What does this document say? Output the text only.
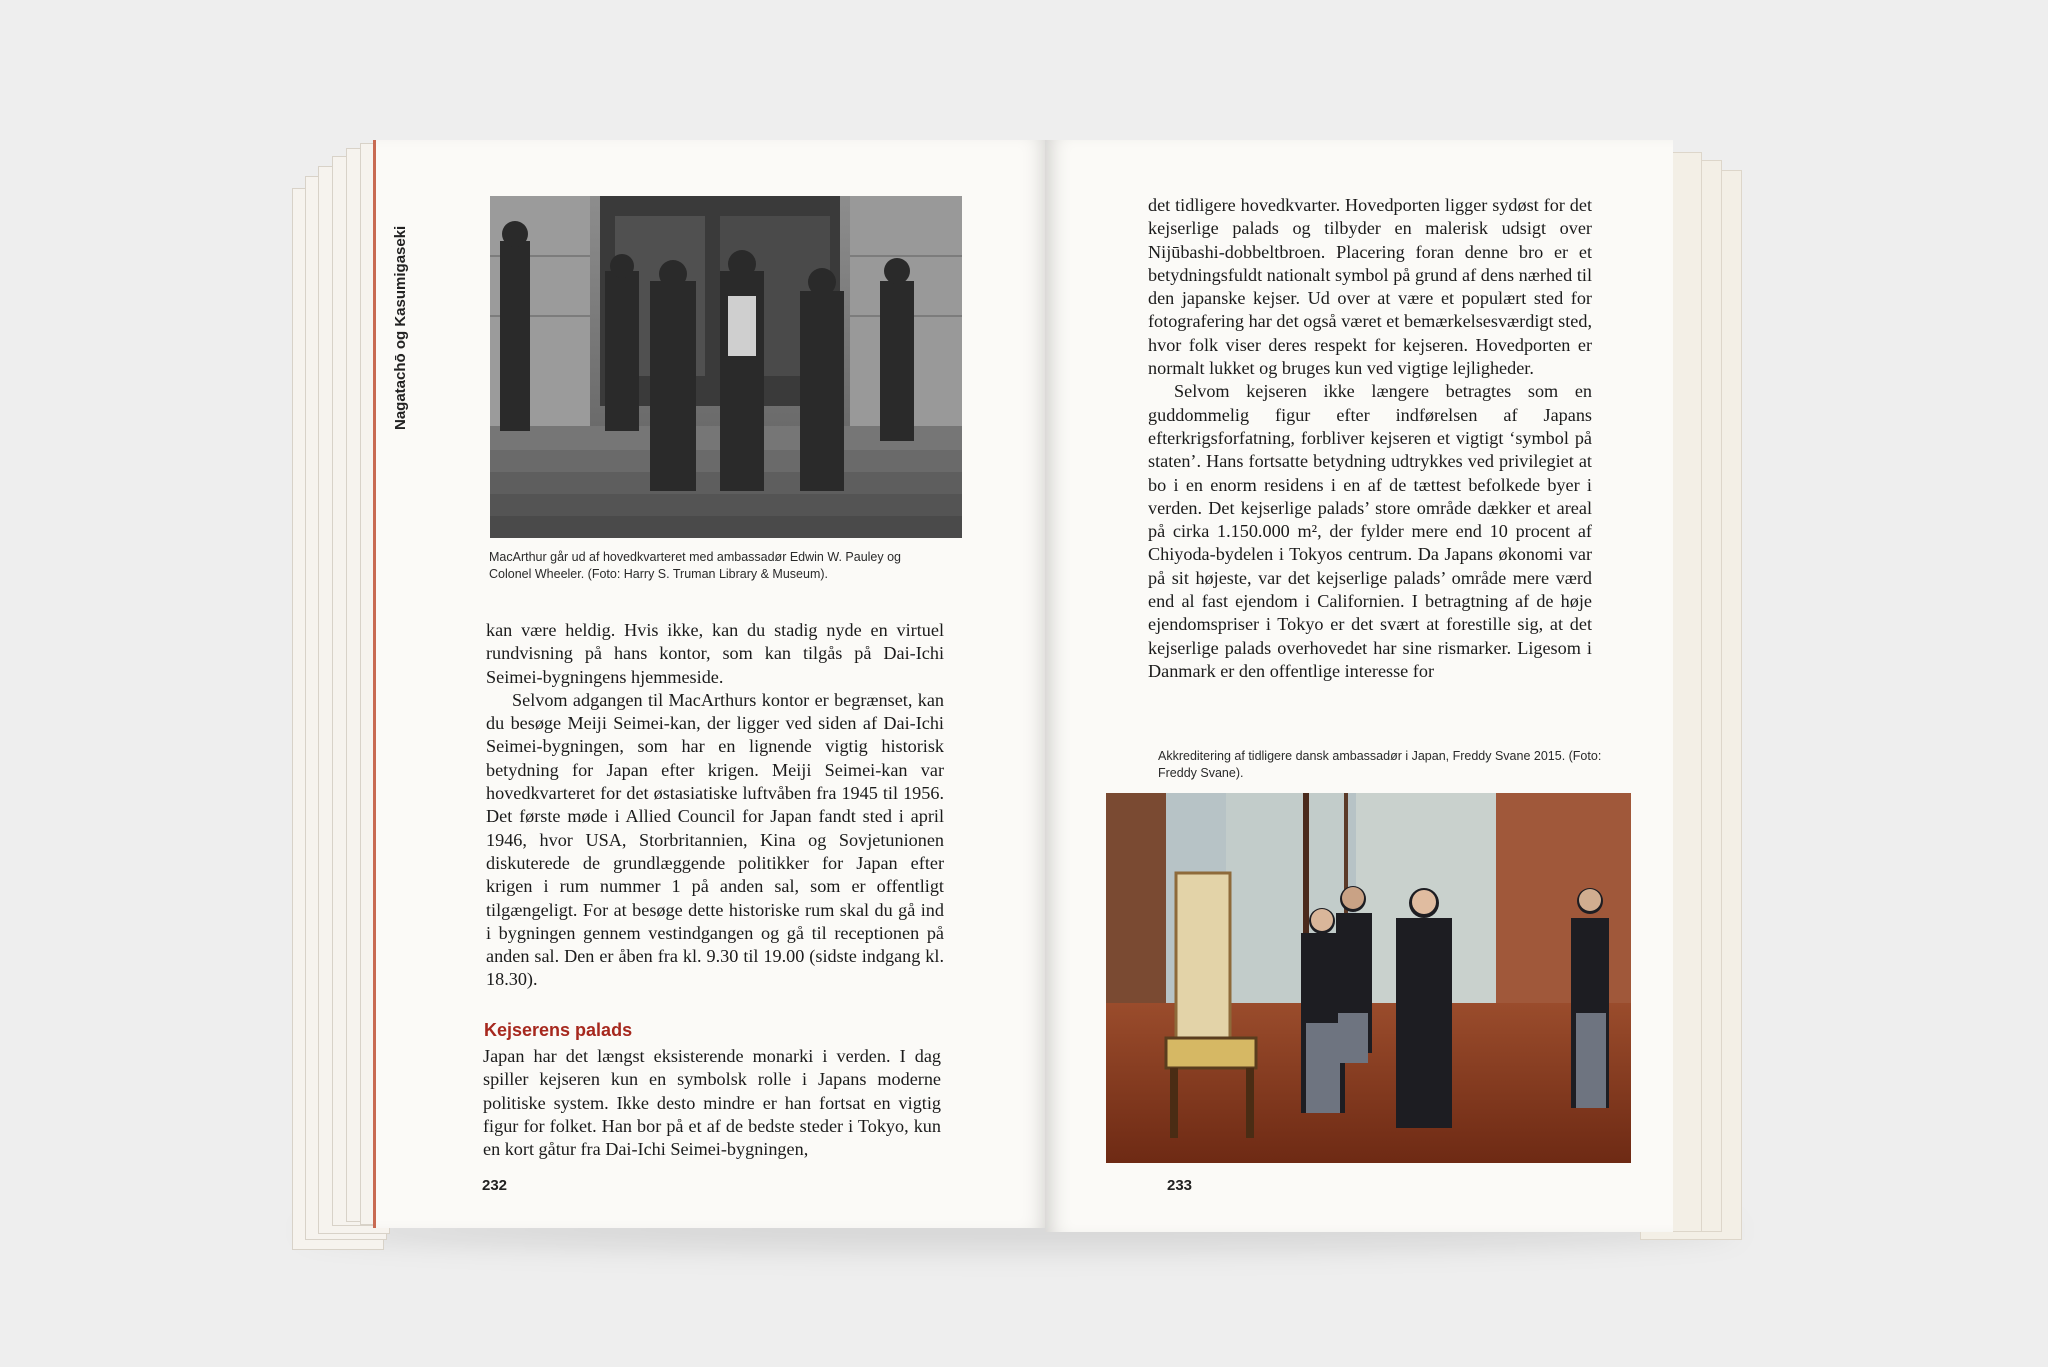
Nagatachō og Kasumigaseki
MacArthur går ud af hovedkvarteret med ambassadør Edwin W. Pauley og Colonel Wheeler. (Foto: Harry S. Truman Library & Museum).

kan være heldig. Hvis ikke, kan du stadig nyde en virtuel rundvisning på hans kontor, som kan tilgås på Dai-Ichi Seimei-bygningens hjemmeside.

Selvom adgangen til MacArthurs kontor er begrænset, kan du besøge Meiji Seimei-kan, der ligger ved siden af Dai-Ichi Seimei-bygningen, som har en lignende vigtig historisk betydning for Japan efter krigen. Meiji Seimei-kan var hovedkvarteret for det østasiatiske luftvåben fra 1945 til 1956. Det første møde i Allied Council for Japan fandt sted i april 1946, hvor USA, Storbritannien, Kina og Sovjetunionen diskuterede de grundlæggende politikker for Japan efter krigen i rum nummer 1 på anden sal, som er offentligt tilgængeligt. For at besøge dette historiske rum skal du gå ind i bygningen gennem vestindgangen og gå til receptionen på anden sal. Den er åben fra kl. 9.30 til 19.00 (sidste indgang kl. 18.30).

Kejserens palads

Japan har det længst eksisterende monarki i verden. I dag spiller kejseren kun en symbolsk rolle i Japans moderne politiske system. Ikke desto mindre er han fortsat en vigtig figur for folket. Han bor på et af de bedste steder i Tokyo, kun en kort gåtur fra Dai-Ichi Seimei-bygningen,

232

det tidligere hovedkvarter. Hovedporten ligger sydøst for det kejserlige palads og tilbyder en malerisk udsigt over Nijūbashi-dobbeltbroen. Placering foran denne bro er et betydningsfuldt nationalt symbol på grund af dens nærhed til den japanske kejser. Ud over at være et populært sted for fotografering har det også været et bemærkelsesværdigt sted, hvor folk viser deres respekt for kejseren. Hovedporten er normalt lukket og bruges kun ved vigtige lejligheder.

Selvom kejseren ikke længere betragtes som en guddommelig figur efter indførelsen af Japans efterkrigsforfatning, forbliver kejseren et vigtigt ‘symbol på staten’. Hans fortsatte betydning udtrykkes ved privilegiet at bo i en enorm residens i en af de tættest befolkede byer i verden. Det kejserlige palads’ store område dækker et areal på cirka 1.150.000 m², der fylder mere end 10 procent af Chiyoda-bydelen i Tokyos centrum. Da Japans økonomi var på sit højeste, var det kejserlige palads’ område mere værd end al fast ejendom i Californien. I betragtning af de høje ejendomspriser i Tokyo er det svært at forestille sig, at det kejserlige palads overhovedet har sine rismarker. Ligesom i Danmark er den offentlige interesse for

Akkreditering af tidligere dansk ambassadør i Japan, Freddy Svane 2015. (Foto: Freddy Svane).
233
